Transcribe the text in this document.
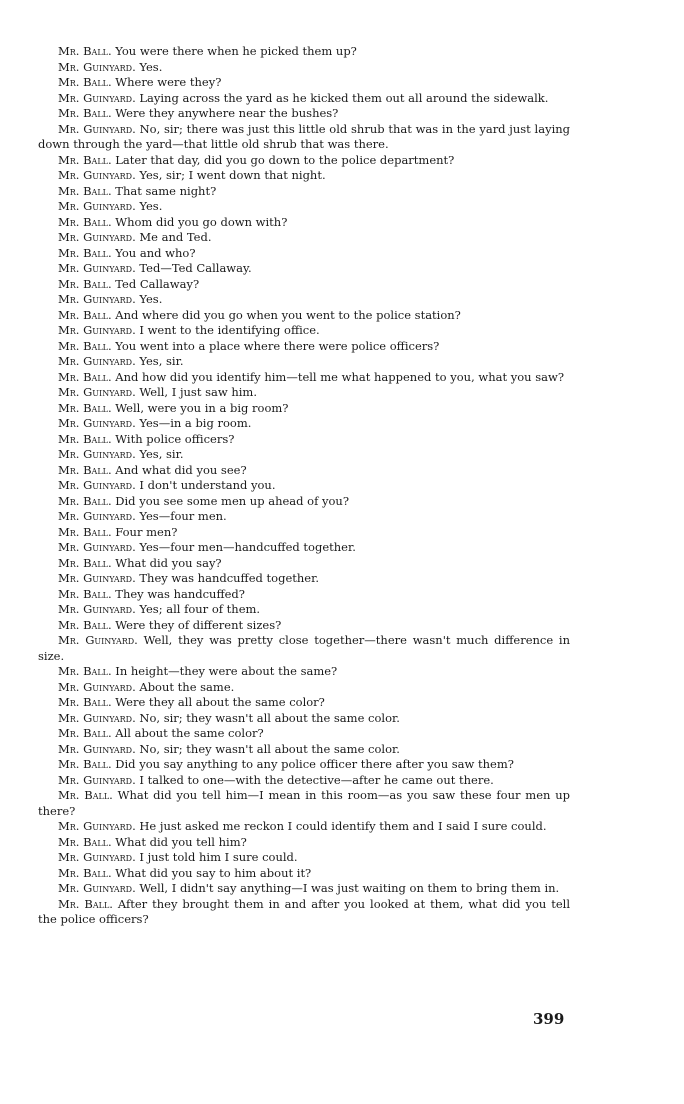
Mr. Ball. You were there when he picked them up?

Mr. Guinyard. Yes.

Mr. Ball. Where were they?

Mr. Guinyard. Laying across the yard as he kicked them out all around the sidewalk.

Mr. Ball. Were they anywhere near the bushes?

Mr. Guinyard. No, sir; there was just this little old shrub that was in the yard just laying down through the yard—that little old shrub that was there.

Mr. Ball. Later that day, did you go down to the police department?

Mr. Guinyard. Yes, sir; I went down that night.

Mr. Ball. That same night?

Mr. Guinyard. Yes.

Mr. Ball. Whom did you go down with?

Mr. Guinyard. Me and Ted.

Mr. Ball. You and who?

Mr. Guinyard. Ted—Ted Callaway.

Mr. Ball. Ted Callaway?

Mr. Guinyard. Yes.

Mr. Ball. And where did you go when you went to the police station?

Mr. Guinyard. I went to the identifying office.

Mr. Ball. You went into a place where there were police officers?

Mr. Guinyard. Yes, sir.

Mr. Ball. And how did you identify him—tell me what happened to you, what you saw?

Mr. Guinyard. Well, I just saw him.

Mr. Ball. Well, were you in a big room?

Mr. Guinyard. Yes—in a big room.

Mr. Ball. With police officers?

Mr. Guinyard. Yes, sir.

Mr. Ball. And what did you see?

Mr. Guinyard. I don't understand you.

Mr. Ball. Did you see some men up ahead of you?

Mr. Guinyard. Yes—four men.

Mr. Ball. Four men?

Mr. Guinyard. Yes—four men—handcuffed together.

Mr. Ball. What did you say?

Mr. Guinyard. They was handcuffed together.

Mr. Ball. They was handcuffed?

Mr. Guinyard. Yes; all four of them.

Mr. Ball. Were they of different sizes?

Mr. Guinyard. Well, they was pretty close together—there wasn't much difference in size.

Mr. Ball. In height—they were about the same?

Mr. Guinyard. About the same.

Mr. Ball. Were they all about the same color?

Mr. Guinyard. No, sir; they wasn't all about the same color.

Mr. Ball. All about the same color?

Mr. Guinyard. No, sir; they wasn't all about the same color.

Mr. Ball. Did you say anything to any police officer there after you saw them?

Mr. Guinyard. I talked to one—with the detective—after he came out there.

Mr. Ball. What did you tell him—I mean in this room—as you saw these four men up there?

Mr. Guinyard. He just asked me reckon I could identify them and I said I sure could.

Mr. Ball. What did you tell him?

Mr. Guinyard. I just told him I sure could.

Mr. Ball. What did you say to him about it?

Mr. Guinyard. Well, I didn't say anything—I was just waiting on them to bring them in.

Mr. Ball. After they brought them in and after you looked at them, what did you tell the police officers?

399
